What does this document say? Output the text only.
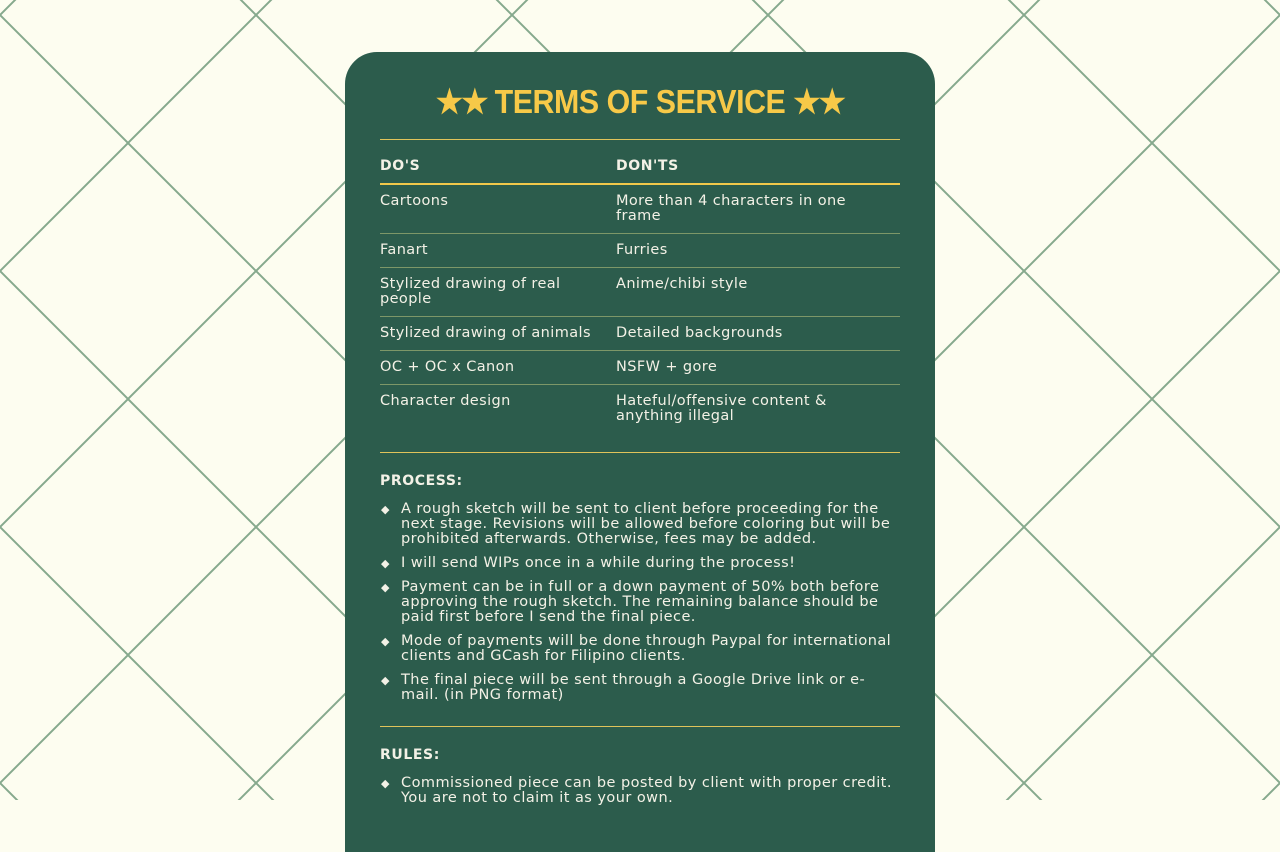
★★ TERMS OF SERVICE ★★
DO'S	DON'TS
Cartoons	More than 4 characters in one frame
Fanart	Furries
Stylized drawing of real people	Anime/chibi style
Stylized drawing of animals	Detailed backgrounds
OC + OC x Canon	NSFW + gore
Character design	Hateful/offensive content & anything illegal
PROCESS:
◆ A rough sketch will be sent to client before proceeding for the next stage. Revisions will be allowed before coloring but will be prohibited afterwards. Otherwise, fees may be added.
◆ I will send WIPs once in a while during the process!
◆ Payment can be in full or a down payment of 50% both before approving the rough sketch. The remaining balance should be paid first before I send the final piece.
◆ Mode of payments will be done through Paypal for international clients and GCash for Filipino clients.
◆ The final piece will be sent through a Google Drive link or e-mail. (in PNG format)
RULES:
◆ Commissioned piece can be posted by client with proper credit. You are not to claim it as your own.
